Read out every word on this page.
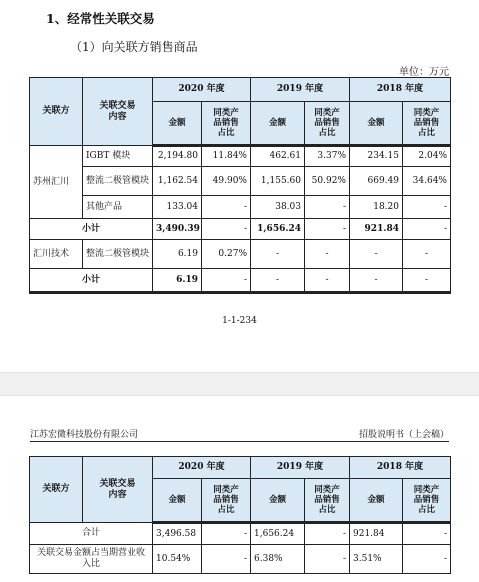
1、经常性关联交易
（1）向关联方销售商品
单位：万元
关联方	关联交易
内容	2020 年度		2019 年度		2018 年度	
		金额	同类产
品销售
占比	金额	同类产
品销售
占比	金额	同类产
品销售
占比
苏州汇川	IGBT 模块	2,194.80	11.84%	462.61	3.37%	234.15	2.04%
	整流二极管模块	1,162.54	49.90%	1,155.60	50.92%	669.49	34.64%
	其他产品	133.04	-	38.03	-	18.20	-
小计		3,490.39	-	1,656.24	-	921.84	-
汇川技术	整流二极管模块	6.19	0.27%	-	-	-	-
小计		6.19	-	-	-	-	-
1-1-234
江苏宏微科技股份有限公司	招股说明书（上会稿）
关联方	关联交易
内容	2020 年度		2019 年度		2018 年度	
		金额	同类产
品销售
占比	金额	同类产
品销售
占比	金额	同类产
品销售
占比
合计		3,496.58	-	1,656.24	-	921.84	-
关联交易金额占当期营业收入比		10.54%	-	6.38%	-	3.51%	-
